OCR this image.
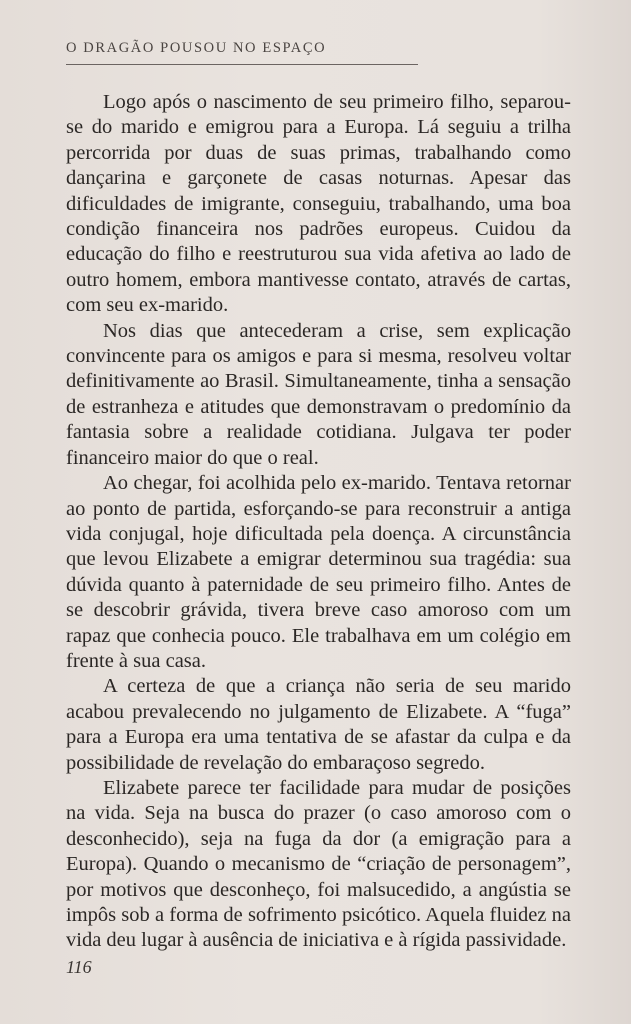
O DRAGÃO POUSOU NO ESPAÇO

Logo após o nascimento de seu primeiro filho, separou-se do marido e emigrou para a Europa. Lá seguiu a trilha percorrida por duas de suas primas, trabalhando como dançarina e garçonete de casas noturnas. Apesar das dificuldades de imigrante, conseguiu, trabalhando, uma boa condição financeira nos padrões europeus. Cuidou da educação do filho e reestruturou sua vida afetiva ao lado de outro homem, embora mantivesse contato, através de cartas, com seu ex-marido.

Nos dias que antecederam a crise, sem explicação convincente para os amigos e para si mesma, resolveu voltar definitivamente ao Brasil. Simultaneamente, tinha a sensação de estranheza e atitudes que demonstravam o predomínio da fantasia sobre a realidade cotidiana. Julgava ter poder financeiro maior do que o real.

Ao chegar, foi acolhida pelo ex-marido. Tentava retornar ao ponto de partida, esforçando-se para reconstruir a antiga vida conjugal, hoje dificultada pela doença. A circunstância que levou Elizabete a emigrar determinou sua tragédia: sua dúvida quanto à paternidade de seu primeiro filho. Antes de se descobrir grávida, tivera breve caso amoroso com um rapaz que conhecia pouco. Ele trabalhava em um colégio em frente à sua casa.

A certeza de que a criança não seria de seu marido acabou prevalecendo no julgamento de Elizabete. A “fuga” para a Europa era uma tentativa de se afastar da culpa e da possibilidade de revelação do embaraçoso segredo.

Elizabete parece ter facilidade para mudar de posições na vida. Seja na busca do prazer (o caso amoroso com o desconhecido), seja na fuga da dor (a emigração para a Europa). Quando o mecanismo de “criação de personagem”, por motivos que desconheço, foi malsucedido, a angústia se impôs sob a forma de sofrimento psicótico. Aquela fluidez na vida deu lugar à ausência de iniciativa e à rígida passividade.

116
